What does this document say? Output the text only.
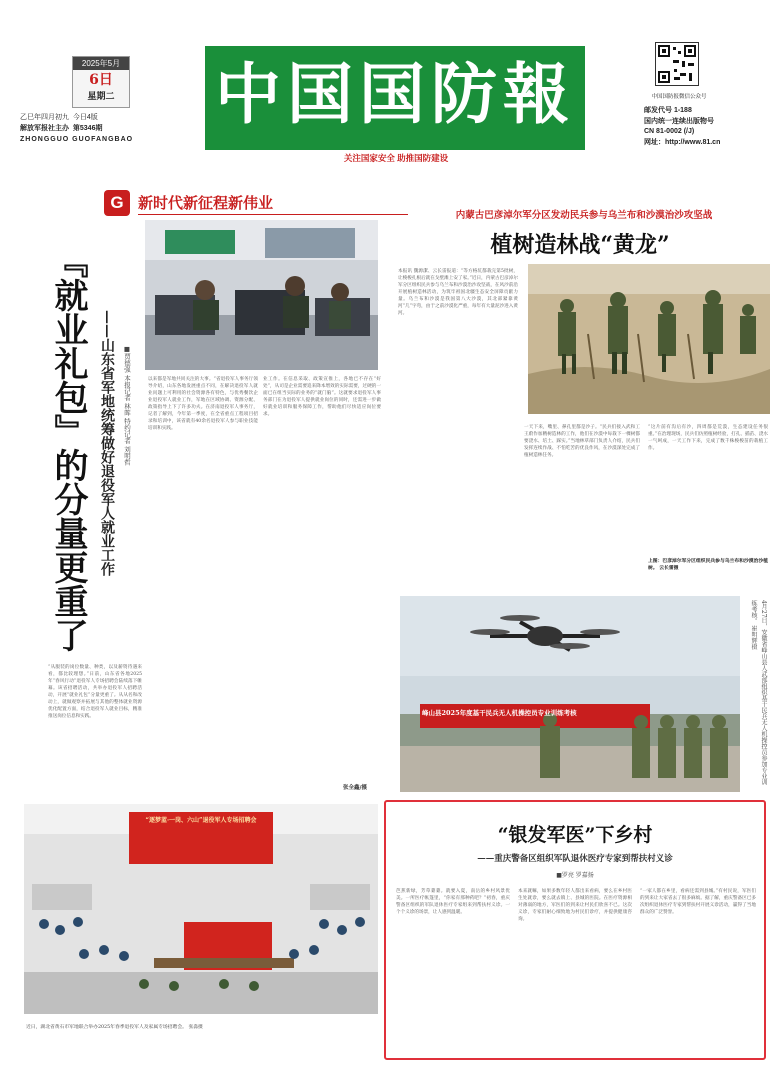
2025年5月
6日
星期二
乙巳年四月初九 今日4版
解放军报社主办 第5346期
ZHONGGUO GUOFANGBAO
中国国防報
关注国家安全 助推国防建设
中国国防报微信公众号
邮发代号 1-188
国内统一连续出版物号
CN 81-0002 (/J)
网址：http://www.81.cn
G 新时代新征程新伟业
『就业礼包』的分量更重了 ——山东省军地统筹做好退役军人就业工作	■贾德强 本报记者 林晖 特约记者 刘明哲
“从服装的岗位数量、种类，以及薪资待遇来看，都比较理想。”日前，山东省各地2025年“春风行动”退役军人专场招聘会陆续落下帷幕。该省招聘活动，共举办退役军人招聘活动，开展“就业礼包”分量更重了。从从名和改动上，就做观察并拓展与其他的整体就业资源优化配置方面，结合退役军人就业目标，精准推送岗位信息和实践。
以来都是军地共同关注的大事。“省退役军人事务厅领导介绍，山东各地发展重点不同，在解决退役军人就业问题上可利用的社会资源各有特色，与优秀餐饮企业退役军人就业工作，军地在区域协调、资源分配、政策指导上下了许多功夫。在济南退役军人事务厅，记者了解到，今年第一季度，在全省重点工程项目招录和培训中，该省就有40余名退役军人参与职业技能培训和实践。
业工作。在信息采取、政策宣推上，各地已不存在“好处”，从司是企业需要追来降本增效的实际需要，过硬的一面已在组当实际的业务的“就门脑”。这就要求退役军人事务部门在为退役军人提供就业岗位的同时，还需进一步做好就业培训和服务保障工作，帮助他们尽快适应岗位要求。
张全鑫/摄
内蒙古巴彦淖尔军分区发动民兵参与乌兰布和沙漠治沙攻坚战
植树造林战“黄龙”
本报讯 魏源潔、云长雷报道：“等方格坑都栽完第5批树，让梭梭扎根后就在戈壁滩上安了家。”近日，内蒙古巴彦淖尔军分区组织民兵参与乌兰布和沙漠治沙攻坚战，在风沙前沿开展植树造林活动，为筑牢祖国北疆生态安全屏障贡献力量。乌兰布和沙漠是我国第八大沙漠，其北部紧靠黄河“几”字弯，由于之前沙漠化严重，每年有大量泥沙进入黄河。
一天下来，嘴里、鼻孔里都是沙子。“民兵们接入武和工王蔚作加精树造林的工作，他们在沙漠中每栽下一棵树都要浇水、培土、踩实。”当地林草部门负责人介绍，民兵们发挥连续作战、不怕吃苦的优良作风，在沙漠深处完成了植树造林任务。
“这片前有沟后有沙，四周都是荒漠，生态建设任务很重。”在治理现场，民兵们仿照植树经验，打孔、插苗、浇水一气呵成，一天工作下来，完成了数千株梭梭苗的栽植工作。
上图：巴彦淖尔军分区组织民兵参与乌兰布和沙漠治沙植树。 云长雷摄
峰山县2025年度基干民兵无人机操控员专业训练考核	4月27日，安徽省峰山县人武部组织基干民兵无人机操控员参加专业训练考核。 崔明辉摄
“逐梦蓝·一岗、六山”退役军人专场招聘会
近日，湖北省黄石市军地联合举办2025年春季退役军人及家属专场招聘会。 张淼摄
“银发军医”下乡村
——重庆警备区组织军队退休医疗专家到帮扶村义诊
■罗亮 罗嘉扬
芭蕉新绿，芳草萋萋。就要入夏，南岳的乡村风景优美。一所医疗帐篷里，“你家有那种药吧？”初春，重庆警备区组织的军队退休医疗专家组来到帮扶村义诊。一个个义诊的场景，让人感到温暖。
本来就嘛，如果多数年轻人都出来看病，要么在乡村医生处就诊，要么就去镇上、县城的医院。在医疗资源相对薄弱的地方，军医们的到来让村民们欣喜不已。这次义诊，专家们耐心细致地为村民们诊疗，并提供健康咨询。
“一家人都在乡里，看病还需到县城。”有村民说，军医们的到来让大家省去了很多麻烦。据了解，重庆警备区已多次组织退休医疗专家到帮扶村开展义诊活动，赢得了当地群众的广泛赞誉。
